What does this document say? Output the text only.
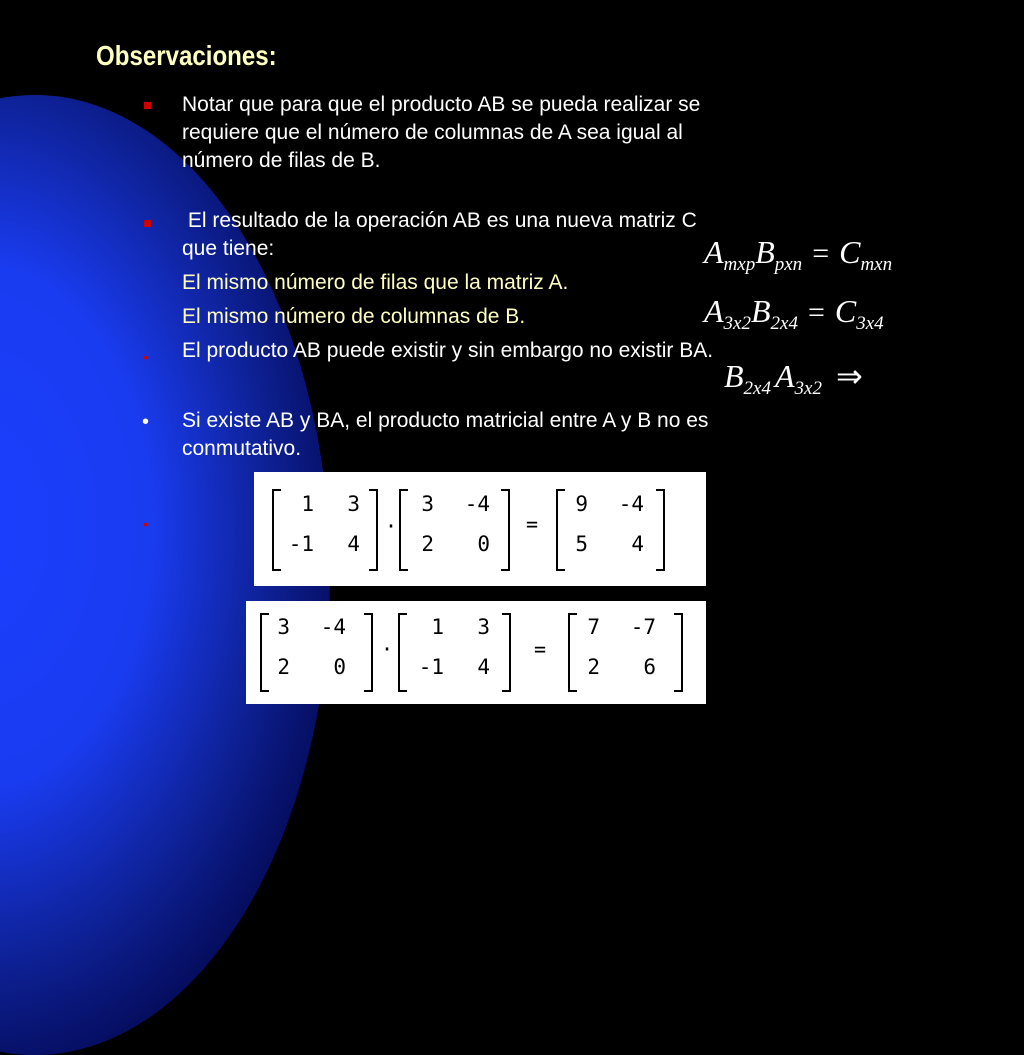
Observaciones:
Notar que para que el producto AB se pueda realizar se requiere que el número de columnas de A sea igual al número de filas de B.
El resultado de la operación AB es una nueva matriz C que tiene:
El mismo número de filas que la matriz A.
El mismo número de columnas de B.
• El producto AB puede existir y sin embargo no existir BA.
• Si existe AB y BA, el producto matricial entre A y B no es conmutativo.
•
$A_{mxp}B_{pxn} = C_{mxn}$
$A_{3x2}B_{2x4} = C_{3x4}$
$B_{2x4}$ $A_{3x2}$ ⇒
1	3
-1	4
·
3	-4
2	0
=
9	-4
5	4
3	-4
2	0
·
1	3
-1	4
=
7	-7
2	6
